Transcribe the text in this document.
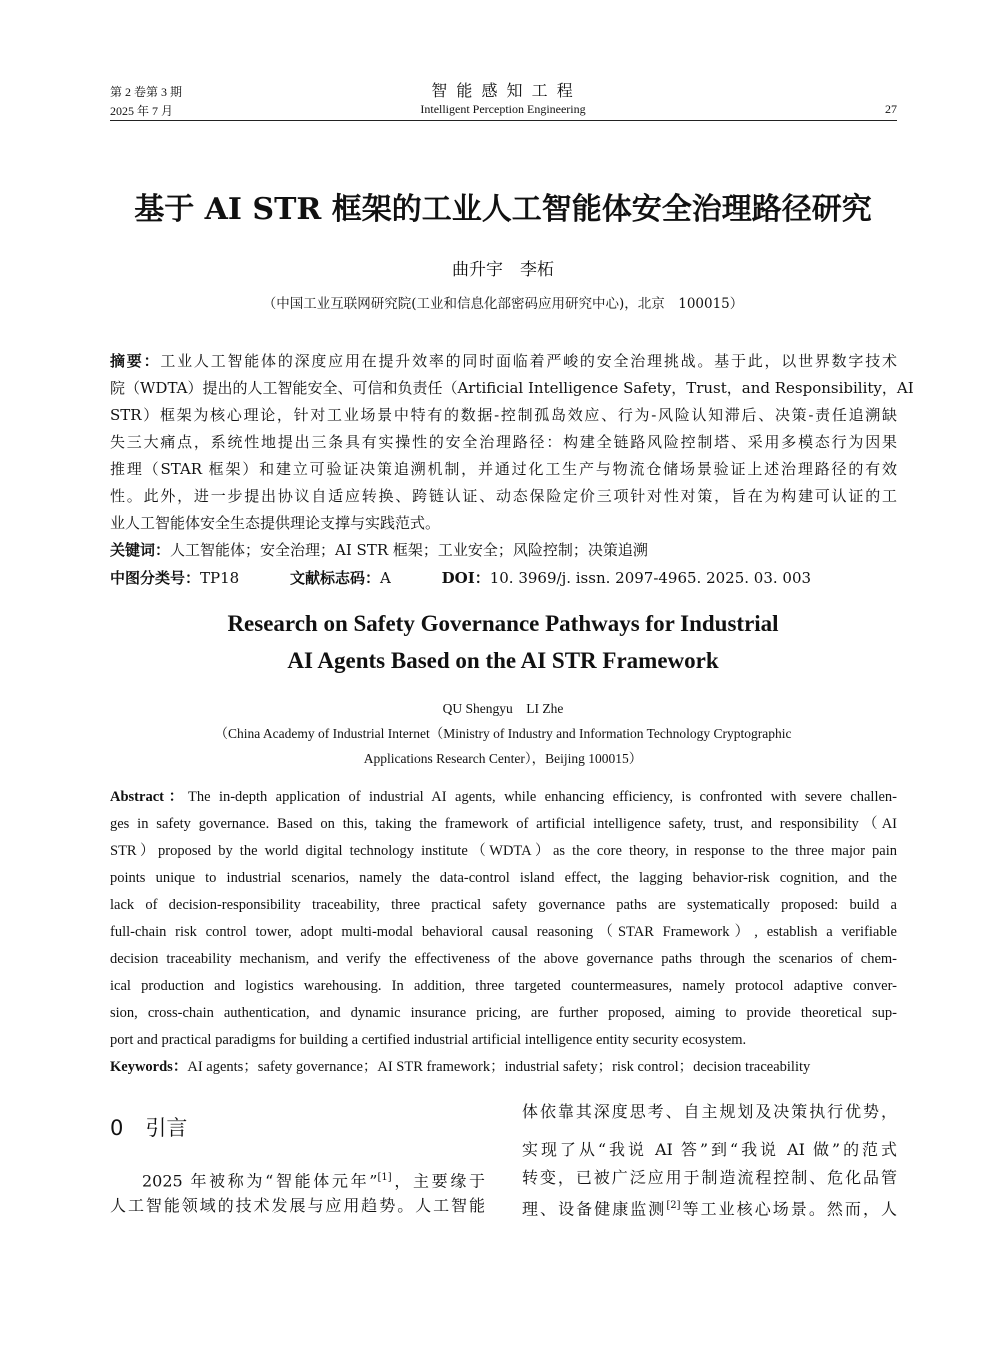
第 2 卷第 3 期
2025 年 7 月
智 能 感 知 工 程
Intelligent Perception Engineering	27
基于 AI STR 框架的工业人工智能体安全治理路径研究
曲升宇　李柘
（中国工业互联网研究院(工业和信息化部密码应用研究中心)，北京　100015）
摘要：工业人工智能体的深度应用在提升效率的同时面临着严峻的安全治理挑战。基于此，以世界数字技术
院（WDTA）提出的人工智能安全、可信和负责任（Artificial Intelligence Safety，Trust，and Responsibility，AI
STR）框架为核心理论，针对工业场景中特有的数据-控制孤岛效应、行为-风险认知滞后、决策-责任追溯缺
失三大痛点，系统性地提出三条具有实操性的安全治理路径：构建全链路风险控制塔、采用多模态行为因果
推理（STAR 框架）和建立可验证决策追溯机制，并通过化工生产与物流仓储场景验证上述治理路径的有效
性。此外，进一步提出协议自适应转换、跨链认证、动态保险定价三项针对性对策，旨在为构建可认证的工
业人工智能体安全生态提供理论支撑与实践范式。
关键词：人工智能体；安全治理；AI STR 框架；工业安全；风险控制；决策追溯
中图分类号：TP18	文献标志码：A	DOI：10. 3969/j. issn. 2097-4965. 2025. 03. 003
Research on Safety Governance Pathways for Industrial
AI Agents Based on the AI STR Framework
QU Shengyu　LI Zhe
（China Academy of Industrial Internet（Ministry of Industry and Information Technology Cryptographic
Applications Research Center），Beijing 100015）
Abstract：The in-depth application of industrial AI agents, while enhancing efficiency, is confronted with severe challen-
ges in safety governance. Based on this, taking the framework of artificial intelligence safety, trust, and responsibility（AI
STR）proposed by the world digital technology institute（WDTA）as the core theory, in response to the three major pain
points unique to industrial scenarios, namely the data-control island effect, the lagging behavior-risk cognition, and the
lack of decision-responsibility traceability, three practical safety governance paths are systematically proposed: build a
full-chain risk control tower, adopt multi-modal behavioral causal reasoning（STAR Framework）, establish a verifiable
decision traceability mechanism, and verify the effectiveness of the above governance paths through the scenarios of chem-
ical production and logistics warehousing. In addition, three targeted countermeasures, namely protocol adaptive conver-
sion, cross-chain authentication, and dynamic insurance pricing, are further proposed, aiming to provide theoretical sup-
port and practical paradigms for building a certified industrial artificial intelligence entity security ecosystem.
Keywords：AI agents；safety governance；AI STR framework；industrial safety；risk control；decision traceability
0 引言
2025 年被称为“智能体元年”[1]，主要缘于
人工智能领域的技术发展与应用趋势。人工智能
体依靠其深度思考、自主规划及决策执行优势，
实现了从“我说 AI 答”到“我说 AI 做”的范式
转变，已被广泛应用于制造流程控制、危化品管
理、设备健康监测[2]等工业核心场景。然而，人
